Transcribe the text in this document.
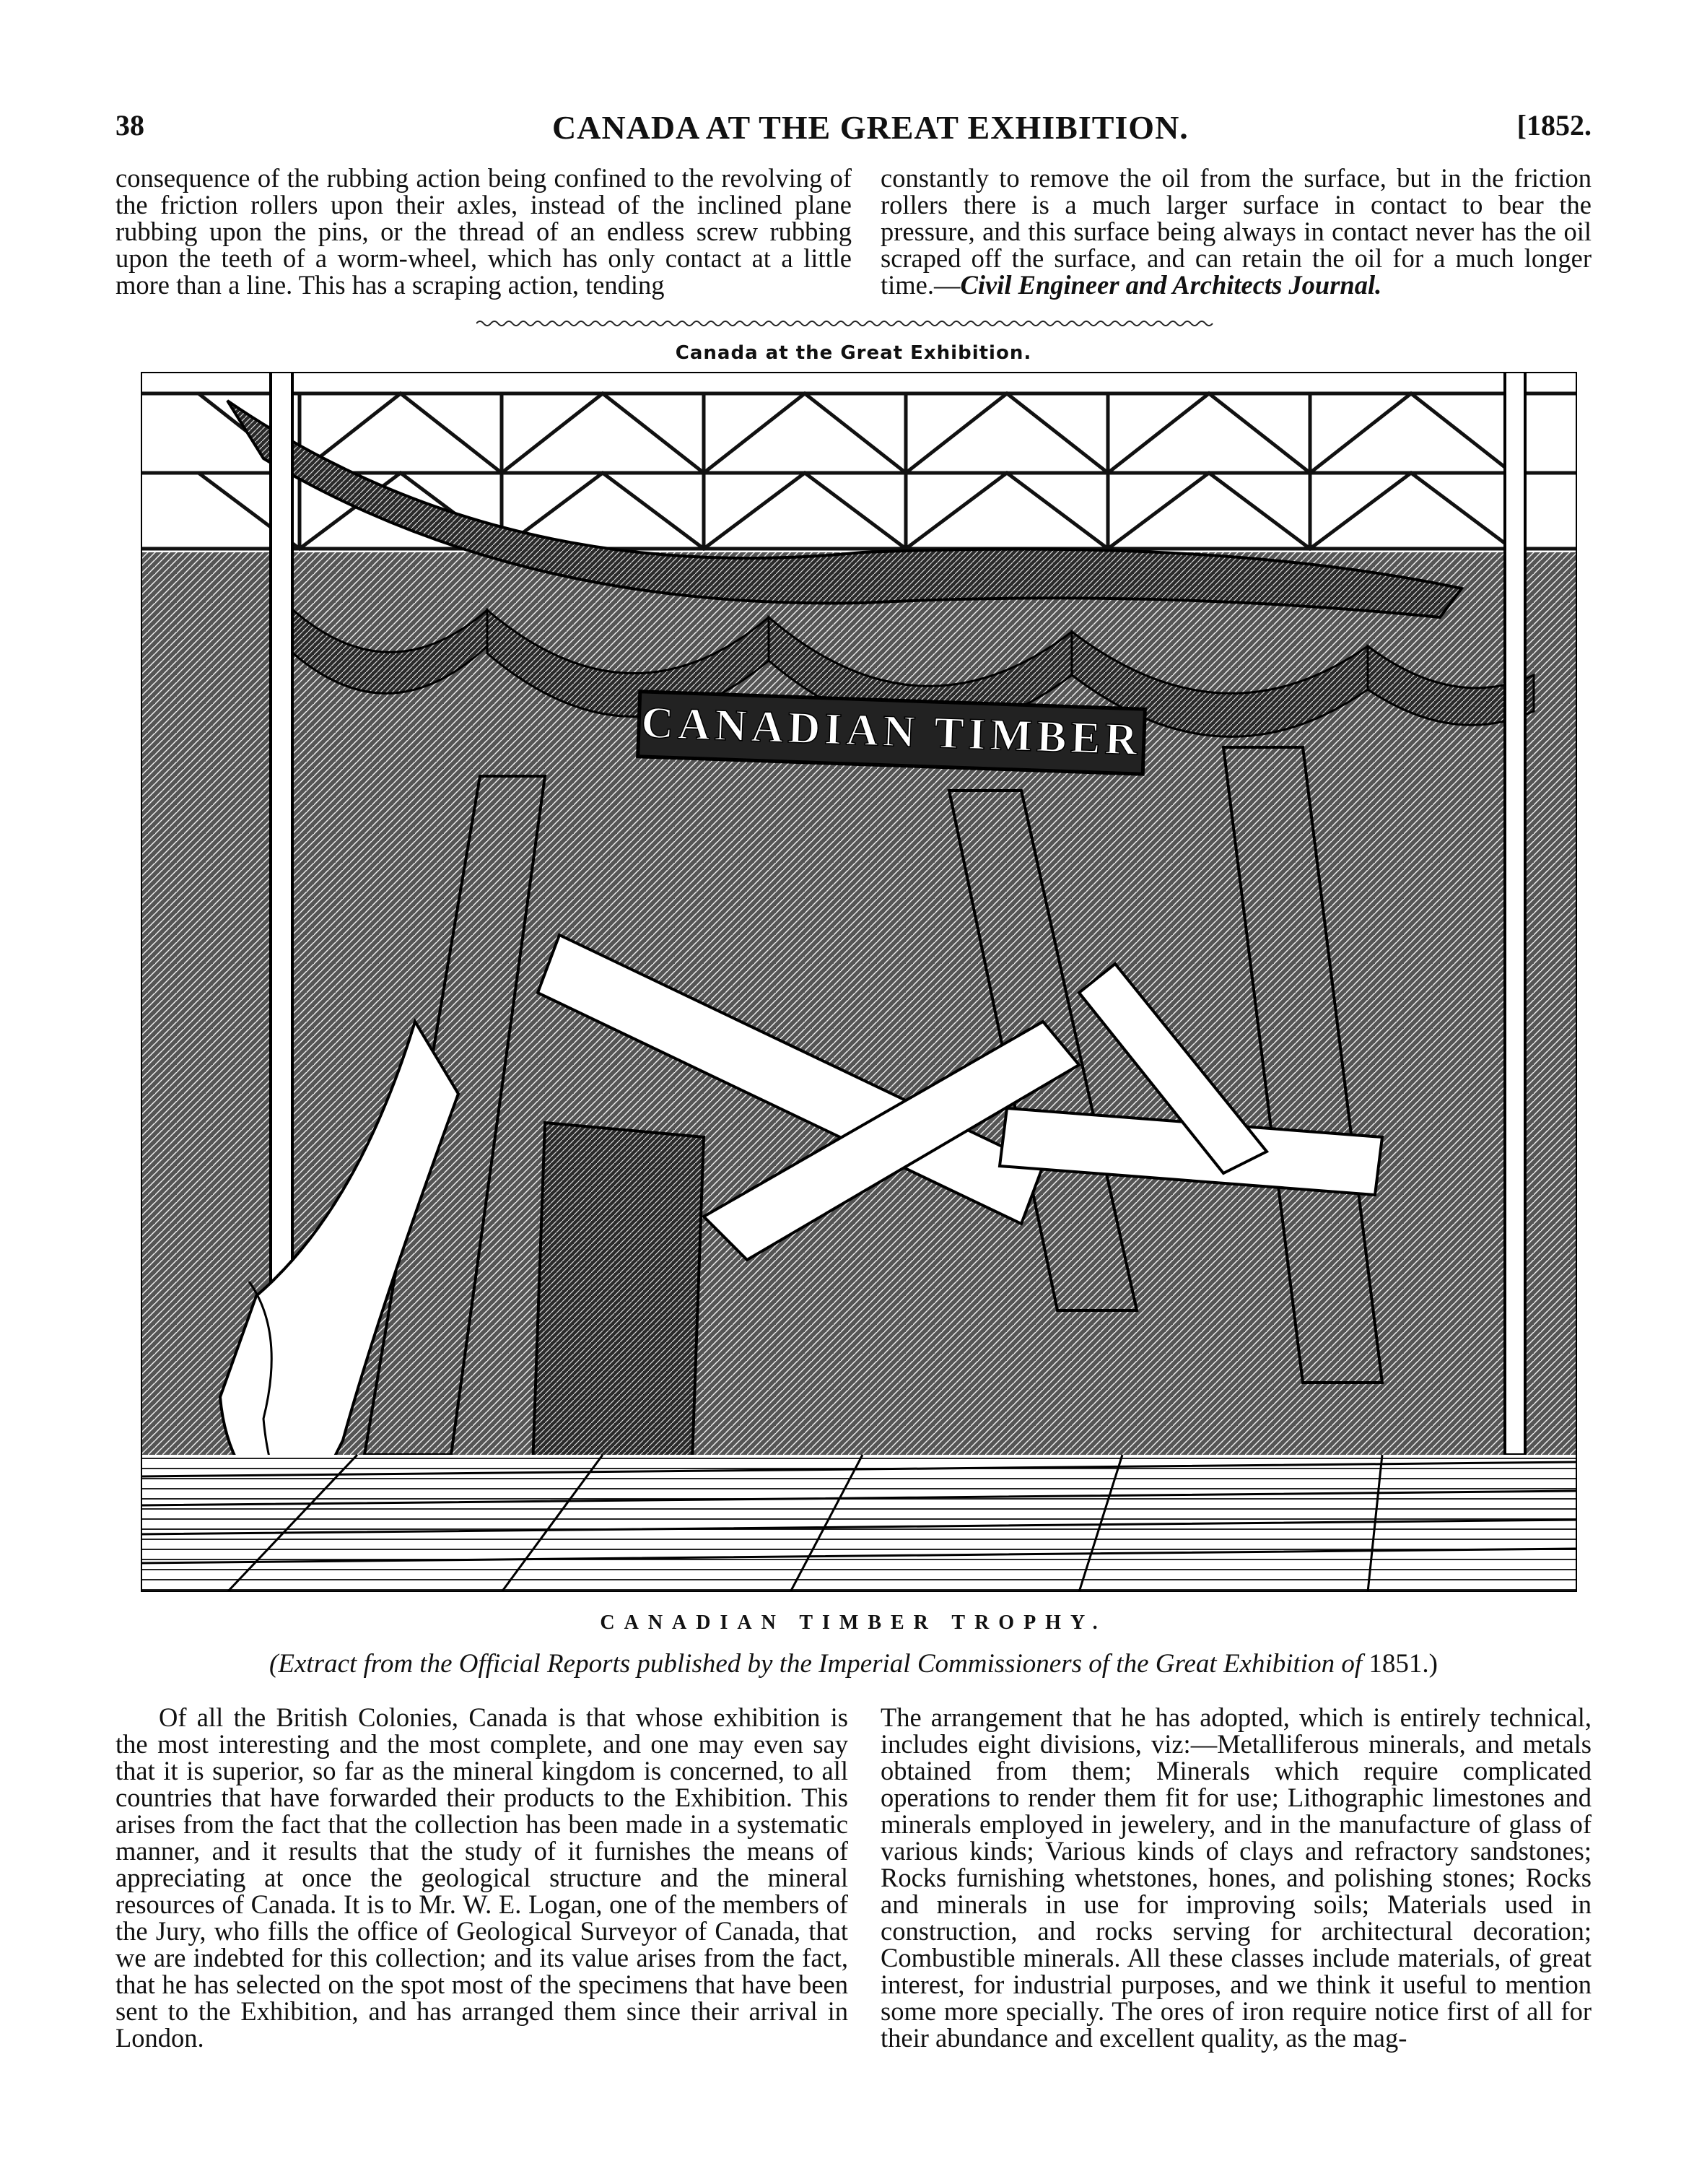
38	CANADA AT THE GREAT EXHIBITION.	[1852.
consequence of the rubbing action being confined to the revolving of the friction rollers upon their axles, instead of the inclined plane rubbing upon the pins, or the thread of an endless screw rubbing upon the teeth of a worm-wheel, which has only contact at a little more than a line. This has a scraping action, tending
constantly to remove the oil from the surface, but in the friction rollers there is a much larger surface in contact to bear the pressure, and this surface being always in contact never has the oil scraped off the surface, and can retain the oil for a much longer time.—Civil Engineer and Architects Journal.
Canada at the Great Exhibition.
CANADIAN TIMBER
CANADIAN TIMBER TROPHY.
(Extract from the Official Reports published by the Imperial Commissioners of the Great Exhibition of 1851.)
Of all the British Colonies, Canada is that whose exhibition is the most interesting and the most complete, and one may even say that it is superior, so far as the mineral kingdom is concerned, to all countries that have forwarded their products to the Exhibition. This arises from the fact that the collection has been made in a systematic manner, and it results that the study of it furnishes the means of appreciating at once the geological structure and the mineral resources of Canada. It is to Mr. W. E. Logan, one of the members of the Jury, who fills the office of Geological Surveyor of Canada, that we are indebted for this collection; and its value arises from the fact, that he has selected on the spot most of the specimens that have been sent to the Exhibition, and has arranged them since their arrival in London.
The arrangement that he has adopted, which is entirely technical, includes eight divisions, viz:—Metalliferous minerals, and metals obtained from them; Minerals which require complicated operations to render them fit for use; Lithographic limestones and minerals employed in jewelery, and in the manufacture of glass of various kinds; Various kinds of clays and refractory sandstones; Rocks furnishing whetstones, hones, and polishing stones; Rocks and minerals in use for improving soils; Materials used in construction, and rocks serving for architectural decoration; Combustible minerals. All these classes include materials, of great interest, for industrial purposes, and we think it useful to mention some more specially. The ores of iron require notice first of all for their abundance and excellent quality, as the mag-
